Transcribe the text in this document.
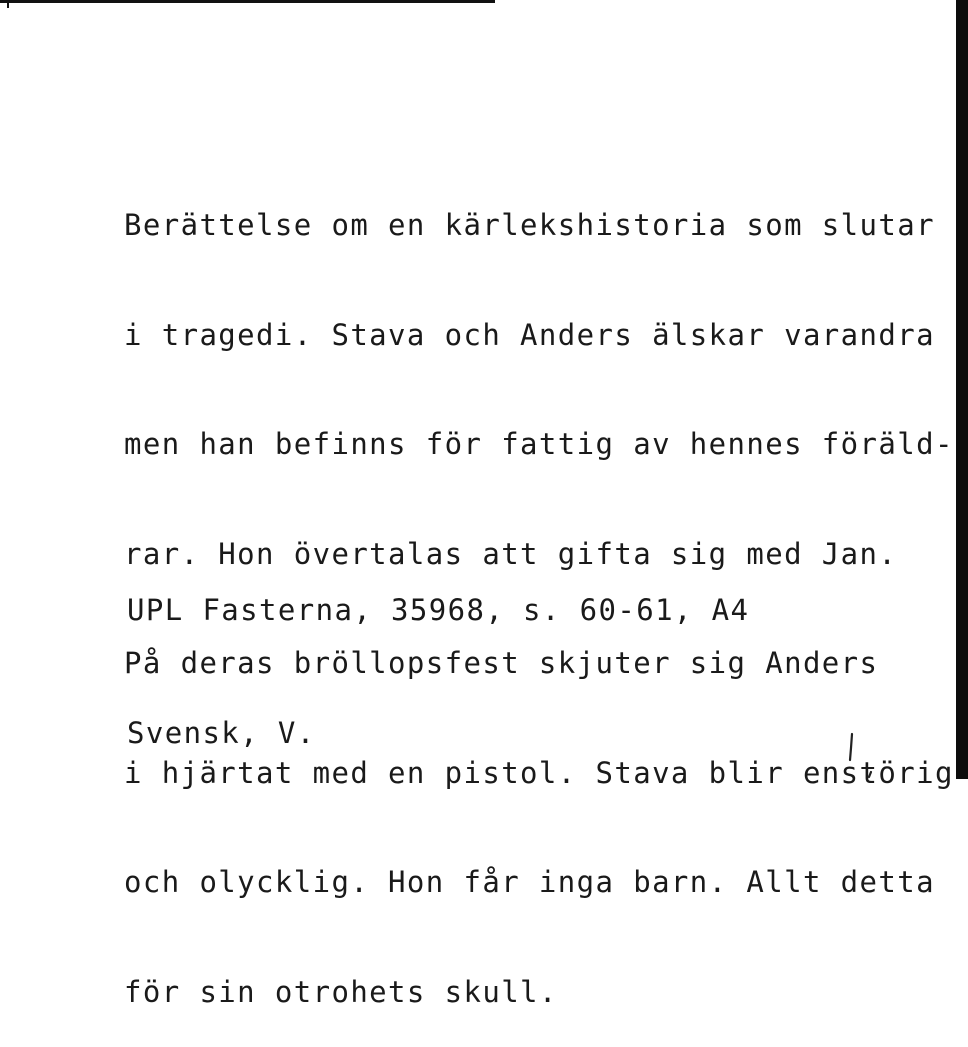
Berättelse om en kärlekshistoria som slutar

i tragedi. Stava och Anders älskar varandra

men han befinns för fattig av hennes föräld-

rar. Hon övertalas att gifta sig med Jan.

På deras bröllopsfest skjuter sig Anders

i hjärtat med en pistol. Stava blir enstörig

och olycklig. Hon får inga barn. Allt detta

för sin otrohets skull.

UPL Fasterna, 35968, s. 60-61, A4

Svensk, V.
